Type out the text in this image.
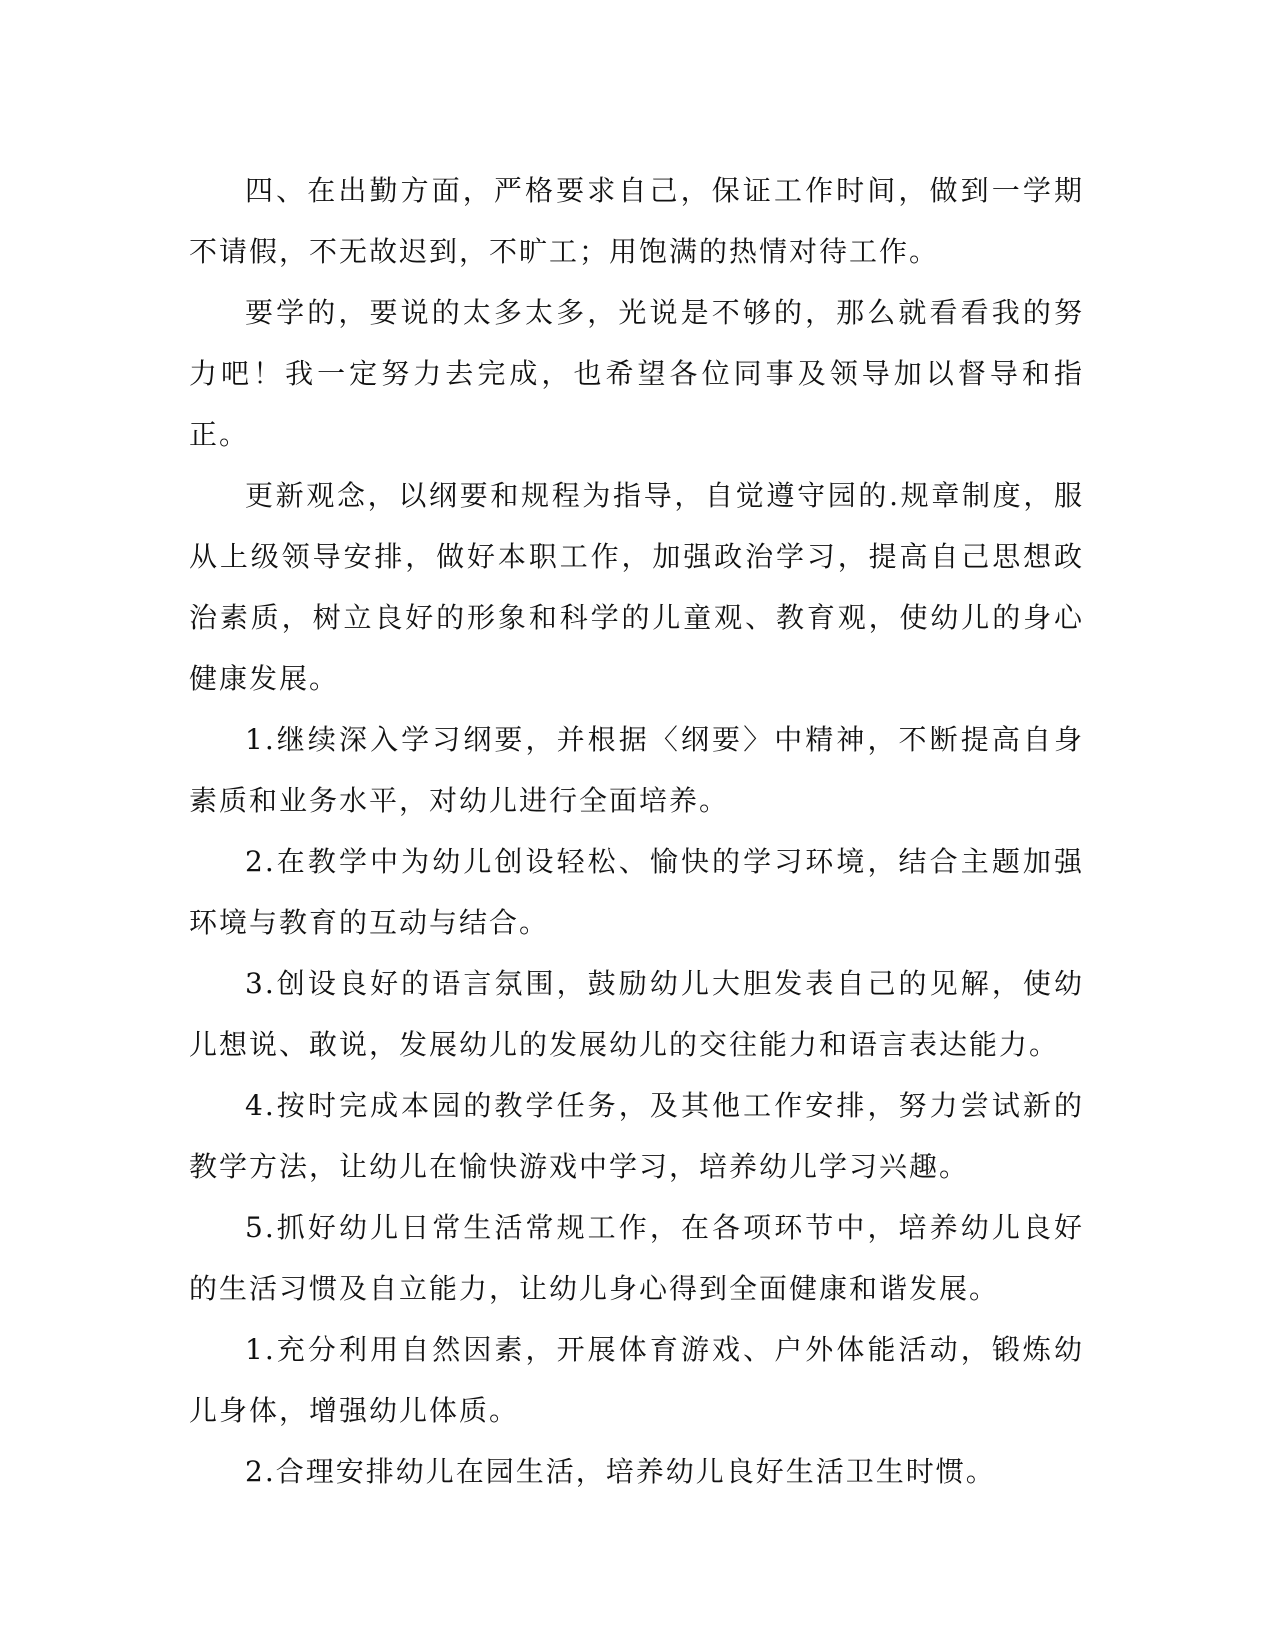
四、在出勤方面，严格要求自己，保证工作时间，做到一学期不请假，不无故迟到，不旷工；用饱满的热情对待工作。

要学的，要说的太多太多，光说是不够的，那么就看看我的努力吧！我一定努力去完成，也希望各位同事及领导加以督导和指正。

更新观念，以纲要和规程为指导，自觉遵守园的.规章制度，服从上级领导安排，做好本职工作，加强政治学习，提高自己思想政治素质，树立良好的形象和科学的儿童观、教育观，使幼儿的身心健康发展。

1.继续深入学习纲要，并根据〈纲要〉中精神，不断提高自身素质和业务水平，对幼儿进行全面培养。

2.在教学中为幼儿创设轻松、愉快的学习环境，结合主题加强环境与教育的互动与结合。

3.创设良好的语言氛围，鼓励幼儿大胆发表自己的见解，使幼儿想说、敢说，发展幼儿的发展幼儿的交往能力和语言表达能力。

4.按时完成本园的教学任务，及其他工作安排，努力尝试新的教学方法，让幼儿在愉快游戏中学习，培养幼儿学习兴趣。

5.抓好幼儿日常生活常规工作，在各项环节中，培养幼儿良好的生活习惯及自立能力，让幼儿身心得到全面健康和谐发展。

1.充分利用自然因素，开展体育游戏、户外体能活动，锻炼幼儿身体，增强幼儿体质。

2.合理安排幼儿在园生活，培养幼儿良好生活卫生时惯。
